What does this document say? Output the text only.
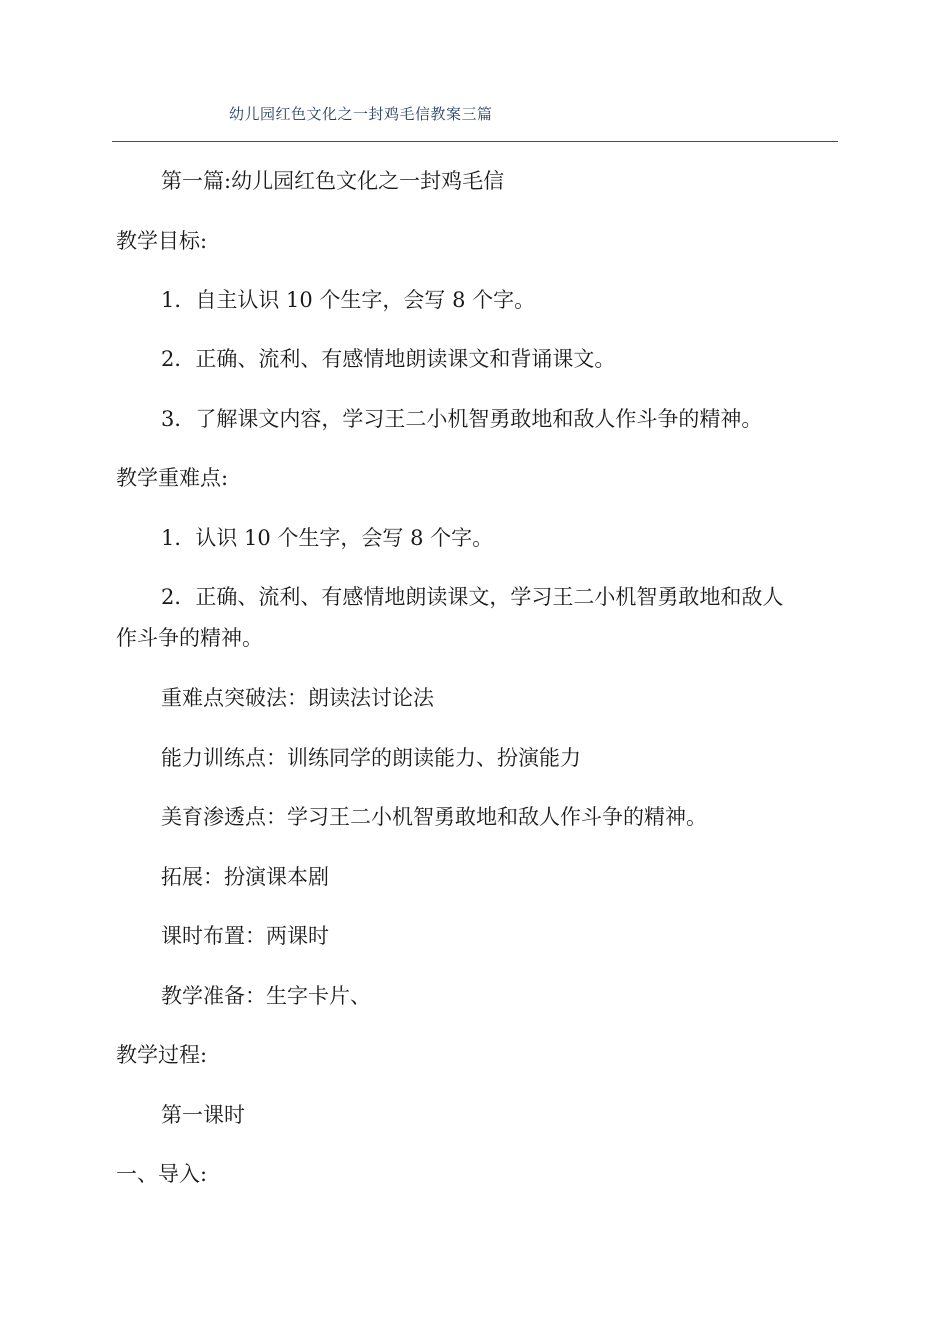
幼儿园红色文化之一封鸡毛信教案三篇
第一篇:幼儿园红色文化之一封鸡毛信
教学目标:
1．自主认识 10 个生字，会写 8 个字。
2．正确、流利、有感情地朗读课文和背诵课文。
3．了解课文内容，学习王二小机智勇敢地和敌人作斗争的精神。
教学重难点:
1．认识 10 个生字，会写 8 个字。
2．正确、流利、有感情地朗读课文，学习王二小机智勇敢地和敌人
作斗争的精神。
重难点突破法：朗读法讨论法
能力训练点：训练同学的朗读能力、扮演能力
美育渗透点：学习王二小机智勇敢地和敌人作斗争的精神。
拓展：扮演课本剧
课时布置：两课时
教学准备：生字卡片、
教学过程:
第一课时
一、导入:
